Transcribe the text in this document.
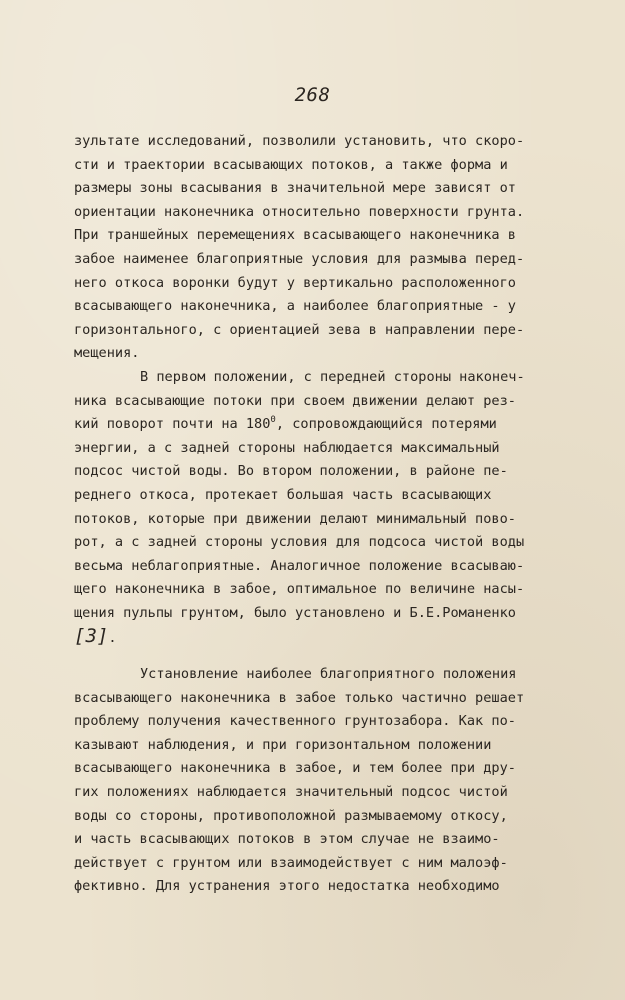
268
зультате исследований, позволили установить, что скоро-
сти и траектории всасывающих потоков, а также форма и
размеры зоны всасывания в значительной мере зависят от
ориентации наконечника относительно поверхности грунта.
При траншейных перемещениях всасывающего наконечника в
забое наименее благоприятные условия для размыва перед-
него откоса воронки будут у вертикально расположенного
всасывающего наконечника, а наиболее благоприятные - у
горизонтального, с ориентацией зева в направлении пере-
мещения.
В первом положении, с передней стороны наконеч-
ника всасывающие потоки при своем движении делают рез-
кий поворот почти на $180^0$, сопровождающийся потерями
энергии, а с задней стороны наблюдается максимальный
подсос чистой воды. Во втором положении, в районе пе-
реднего откоса, протекает большая часть всасывающих
потоков, которые при движении делают минимальный пово-
рот, а с задней стороны условия для подсоса чистой воды
весьма неблагоприятные. Аналогичное положение всасываю-
щего наконечника в забое, оптимальное по величине насы-
щения пульпы грунтом, было установлено и Б.Е.Романенко
[3].
Установление наиболее благоприятного положения
всасывающего наконечника в забое только частично решает
проблему получения качественного грунтозабора. Как по-
казывают наблюдения, и при горизонтальном положении
всасывающего наконечника в забое, и тем более при дру-
гих положениях наблюдается значительный подсос чистой
воды со стороны, противоположной размываемому откосу,
и часть всасывающих потоков в этом случае не взаимо-
действует с грунтом или взаимодействует с ним малоэф-
фективно. Для устранения этого недостатка необходимо
